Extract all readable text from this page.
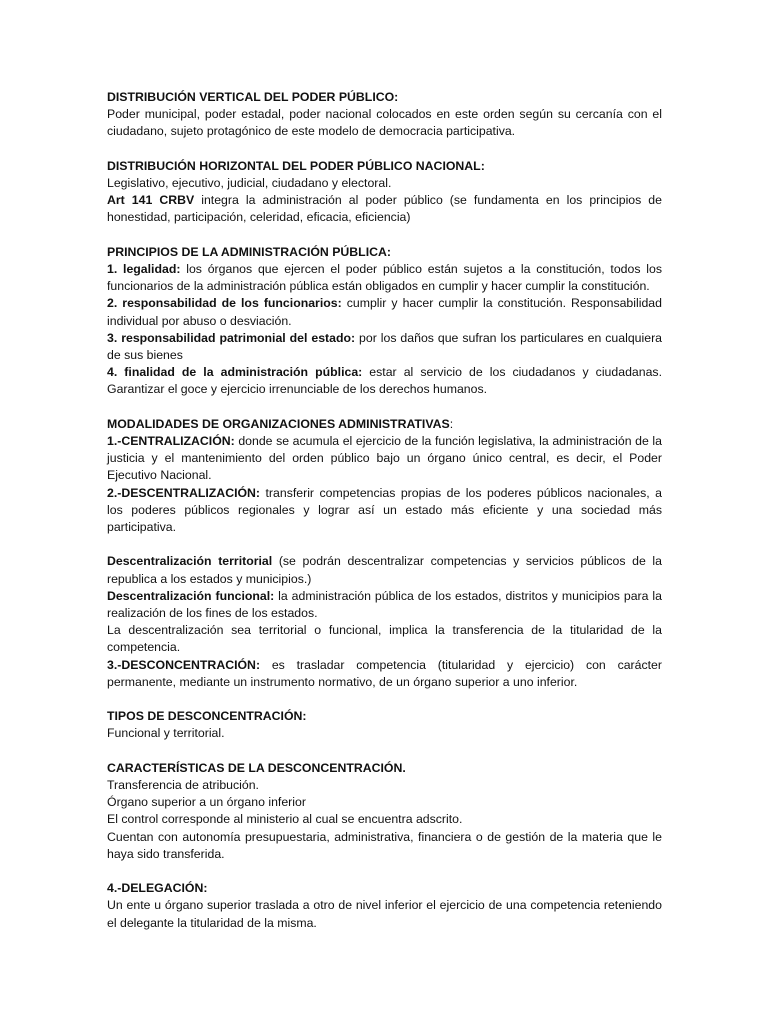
DISTRIBUCIÓN VERTICAL DEL PODER PÚBLICO:

Poder municipal, poder estadal, poder nacional colocados en este orden según su cercanía con el ciudadano, sujeto protagónico de este modelo de democracia participativa.

DISTRIBUCIÓN HORIZONTAL DEL PODER PÚBLICO NACIONAL:

Legislativo, ejecutivo, judicial, ciudadano y electoral.

Art 141 CRBV integra la administración al poder público (se fundamenta en los principios de honestidad, participación, celeridad, eficacia, eficiencia)

PRINCIPIOS DE LA ADMINISTRACIÓN PÚBLICA:

1. legalidad: los órganos que ejercen el poder público están sujetos a la constitución, todos los funcionarios de la administración pública están obligados en cumplir y hacer cumplir la constitución.

2. responsabilidad de los funcionarios: cumplir y hacer cumplir la constitución. Responsabilidad individual por abuso o desviación.

3. responsabilidad patrimonial del estado: por los daños que sufran los particulares en cualquiera de sus bienes

4. finalidad de la administración pública: estar al servicio de los ciudadanos y ciudadanas. Garantizar el goce y ejercicio irrenunciable de los derechos humanos.

MODALIDADES DE ORGANIZACIONES ADMINISTRATIVAS:

1.-CENTRALIZACIÓN: donde se acumula el ejercicio de la función legislativa, la administración de la justicia y el mantenimiento del orden público bajo un órgano único central, es decir, el Poder Ejecutivo Nacional.

2.-DESCENTRALIZACIÓN: transferir competencias propias de los poderes públicos nacionales, a los poderes públicos regionales y lograr así un estado más eficiente y una sociedad más participativa.

Descentralización territorial (se podrán descentralizar competencias y servicios públicos de la republica a los estados y municipios.)

Descentralización funcional: la administración pública de los estados, distritos y municipios para la realización de los fines de los estados.

La descentralización sea territorial o funcional, implica la transferencia de la titularidad de la competencia.

3.-DESCONCENTRACIÓN: es trasladar competencia (titularidad y ejercicio) con carácter permanente, mediante un instrumento normativo, de un órgano superior a uno inferior.

TIPOS DE DESCONCENTRACIÓN:

Funcional y territorial.

CARACTERÍSTICAS DE LA DESCONCENTRACIÓN.

Transferencia de atribución.

Órgano superior a un órgano inferior

El control corresponde al ministerio al cual se encuentra adscrito.

Cuentan con autonomía presupuestaria, administrativa, financiera o de gestión de la materia que le haya sido transferida.

4.-DELEGACIÓN:

Un ente u órgano superior traslada a otro de nivel inferior el ejercicio de una competencia reteniendo el delegante la titularidad de la misma.
